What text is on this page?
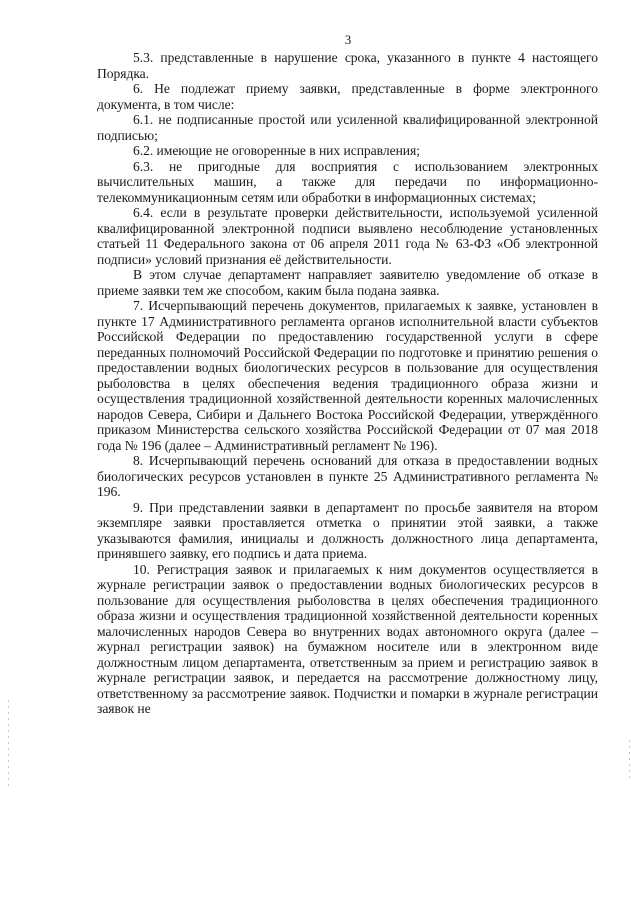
3

5.3. представленные в нарушение срока, указанного в пункте 4 настоящего Порядка.

6. Не подлежат приему заявки, представленные в форме электронного документа, в том числе:

6.1. не подписанные простой или усиленной квалифицированной электронной подписью;

6.2. имеющие не оговоренные в них исправления;

6.3. не пригодные для восприятия с использованием электронных вычислительных машин, а также для передачи по информационно-телекоммуникационным сетям или обработки в информационных системах;

6.4. если в результате проверки действительности, используемой усиленной квалифицированной электронной подписи выявлено несоблюдение установленных статьей 11 Федерального закона от 06 апреля 2011 года № 63-ФЗ «Об электронной подписи» условий признания её действительности.

В этом случае департамент направляет заявителю уведомление об отказе в приеме заявки тем же способом, каким была подана заявка.

7. Исчерпывающий перечень документов, прилагаемых к заявке, установлен в пункте 17 Административного регламента органов исполнительной власти субъектов Российской Федерации по предоставлению государственной услуги в сфере переданных полномочий Российской Федерации по подготовке и принятию решения о предоставлении водных биологических ресурсов в пользование для осуществления рыболовства в целях обеспечения ведения традиционного образа жизни и осуществления традиционной хозяйственной деятельности коренных малочисленных народов Севера, Сибири и Дальнего Востока Российской Федерации, утверждённого приказом Министерства сельского хозяйства Российской Федерации от 07 мая 2018 года № 196 (далее – Административный регламент № 196).

8. Исчерпывающий перечень оснований для отказа в предоставлении водных биологических ресурсов установлен в пункте 25 Административного регламента № 196.

9. При представлении заявки в департамент по просьбе заявителя на втором экземпляре заявки проставляется отметка о принятии этой заявки, а также указываются фамилия, инициалы и должность должностного лица департамента, принявшего заявку, его подпись и дата приема.

10. Регистрация заявок и прилагаемых к ним документов осуществляется в журнале регистрации заявок о предоставлении водных биологических ресурсов в пользование для осуществления рыболовства в целях обеспечения традиционного образа жизни и осуществления традиционной хозяйственной деятельности коренных малочисленных народов Севера во внутренних водах автономного округа (далее – журнал регистрации заявок) на бумажном носителе или в электронном виде должностным лицом департамента, ответственным за прием и регистрацию заявок в журнале регистрации заявок, и передается на рассмотрение должностному лицу, ответственному за рассмотрение заявок. Подчистки и помарки в журнале регистрации заявок не
